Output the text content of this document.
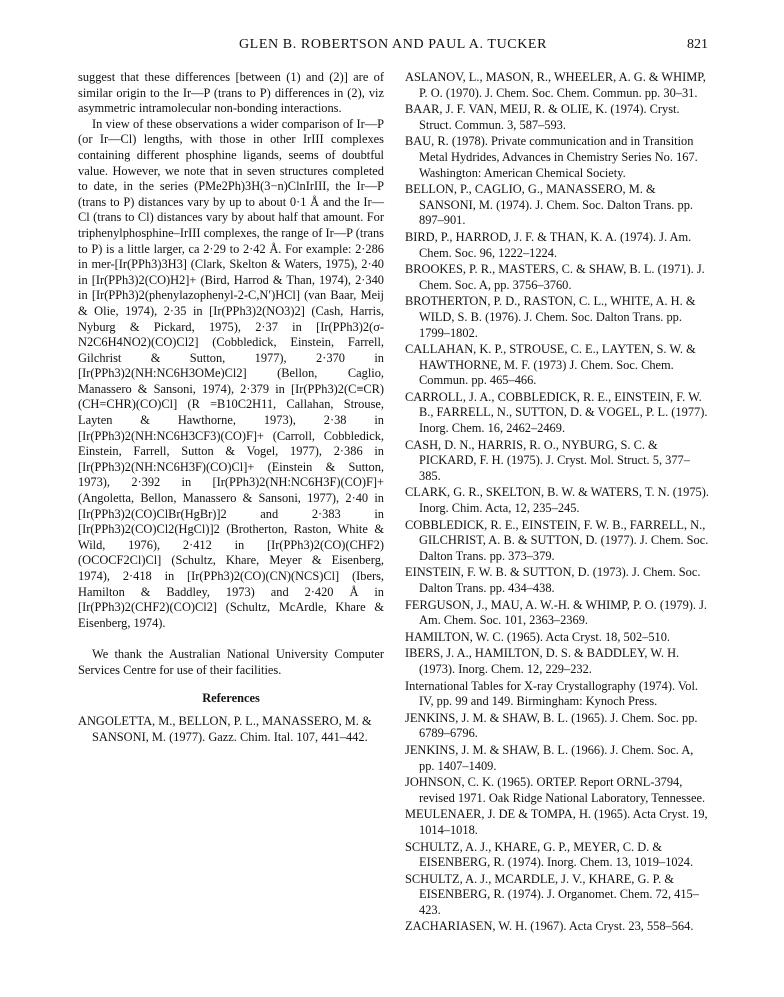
GLEN B. ROBERTSON AND PAUL A. TUCKER	821

suggest that these differences [between (1) and (2)] are of similar origin to the Ir—P (trans to P) differences in (2), viz asymmetric intramolecular non-bonding interactions.

In view of these observations a wider comparison of Ir—P (or Ir—Cl) lengths, with those in other IrIII complexes containing different phosphine ligands, seems of doubtful value. However, we note that in seven structures completed to date, in the series (PMe2Ph)3H(3−n)ClnIrIII, the Ir—P (trans to P) distances vary by up to about 0·1 Å and the Ir—Cl (trans to Cl) distances vary by about half that amount. For triphenylphosphine–IrIII complexes, the range of Ir—P (trans to P) is a little larger, ca 2·29 to 2·42 Å. For example: 2·286 in mer-[Ir(PPh3)3H3] (Clark, Skelton & Waters, 1975), 2·40 in [Ir(PPh3)2(CO)H2]+ (Bird, Harrod & Than, 1974), 2·340 in [Ir(PPh3)2(phenylazophenyl-2-C,N′)HCl] (van Baar, Meij & Olie, 1974), 2·35 in [Ir(PPh3)2(NO3)2] (Cash, Harris, Nyburg & Pickard, 1975), 2·37 in [Ir(PPh3)2(σ-N2C6H4NO2)(CO)Cl2] (Cobbledick, Einstein, Farrell, Gilchrist & Sutton, 1977), 2·370 in [Ir(PPh3)2(NH:NC6H3OMe)Cl2] (Bellon, Caglio, Manassero & Sansoni, 1974), 2·379 in [Ir(PPh3)2(C≡CR)(CH=CHR)(CO)Cl] (R =B10C2H11, Callahan, Strouse, Layten & Hawthorne, 1973), 2·38 in [Ir(PPh3)2(NH:NC6H3CF3)(CO)F]+ (Carroll, Cobbledick, Einstein, Farrell, Sutton & Vogel, 1977), 2·386 in [Ir(PPh3)2(NH:NC6H3F)(CO)Cl]+ (Einstein & Sutton, 1973), 2·392 in [Ir(PPh3)2(NH:NC6H3F)(CO)F]+ (Angoletta, Bellon, Manassero & Sansoni, 1977), 2·40 in [Ir(PPh3)2(CO)ClBr(HgBr)]2 and 2·383 in [Ir(PPh3)2(CO)Cl2(HgCl)]2 (Brotherton, Raston, White & Wild, 1976), 2·412 in [Ir(PPh3)2(CO)(CHF2)(OCOCF2Cl)Cl] (Schultz, Khare, Meyer & Eisenberg, 1974), 2·418 in [Ir(PPh3)2(CO)(CN)(NCS)Cl] (Ibers, Hamilton & Baddley, 1973) and 2·420 Å in [Ir(PPh3)2(CHF2)(CO)Cl2] (Schultz, McArdle, Khare & Eisenberg, 1974).

We thank the Australian National University Computer Services Centre for use of their facilities.

References

ANGOLETTA, M., BELLON, P. L., MANASSERO, M. & SANSONI, M. (1977). Gazz. Chim. Ital. 107, 441–442.

ASLANOV, L., MASON, R., WHEELER, A. G. & WHIMP, P. O. (1970). J. Chem. Soc. Chem. Commun. pp. 30–31.

BAAR, J. F. VAN, MEIJ, R. & OLIE, K. (1974). Cryst. Struct. Commun. 3, 587–593.

BAU, R. (1978). Private communication and in Transition Metal Hydrides, Advances in Chemistry Series No. 167. Washington: American Chemical Society.

BELLON, P., CAGLIO, G., MANASSERO, M. & SANSONI, M. (1974). J. Chem. Soc. Dalton Trans. pp. 897–901.

BIRD, P., HARROD, J. F. & THAN, K. A. (1974). J. Am. Chem. Soc. 96, 1222–1224.

BROOKES, P. R., MASTERS, C. & SHAW, B. L. (1971). J. Chem. Soc. A, pp. 3756–3760.

BROTHERTON, P. D., RASTON, C. L., WHITE, A. H. & WILD, S. B. (1976). J. Chem. Soc. Dalton Trans. pp. 1799–1802.

CALLAHAN, K. P., STROUSE, C. E., LAYTEN, S. W. & HAWTHORNE, M. F. (1973) J. Chem. Soc. Chem. Commun. pp. 465–466.

CARROLL, J. A., COBBLEDICK, R. E., EINSTEIN, F. W. B., FARRELL, N., SUTTON, D. & VOGEL, P. L. (1977). Inorg. Chem. 16, 2462–2469.

CASH, D. N., HARRIS, R. O., NYBURG, S. C. & PICKARD, F. H. (1975). J. Cryst. Mol. Struct. 5, 377–385.

CLARK, G. R., SKELTON, B. W. & WATERS, T. N. (1975). Inorg. Chim. Acta, 12, 235–245.

COBBLEDICK, R. E., EINSTEIN, F. W. B., FARRELL, N., GILCHRIST, A. B. & SUTTON, D. (1977). J. Chem. Soc. Dalton Trans. pp. 373–379.

EINSTEIN, F. W. B. & SUTTON, D. (1973). J. Chem. Soc. Dalton Trans. pp. 434–438.

FERGUSON, J., MAU, A. W.-H. & WHIMP, P. O. (1979). J. Am. Chem. Soc. 101, 2363–2369.

HAMILTON, W. C. (1965). Acta Cryst. 18, 502–510.

IBERS, J. A., HAMILTON, D. S. & BADDLEY, W. H. (1973). Inorg. Chem. 12, 229–232.

International Tables for X-ray Crystallography (1974). Vol. IV, pp. 99 and 149. Birmingham: Kynoch Press.

JENKINS, J. M. & SHAW, B. L. (1965). J. Chem. Soc. pp. 6789–6796.

JENKINS, J. M. & SHAW, B. L. (1966). J. Chem. Soc. A, pp. 1407–1409.

JOHNSON, C. K. (1965). ORTEP. Report ORNL-3794, revised 1971. Oak Ridge National Laboratory, Tennessee.

MEULENAER, J. DE & TOMPA, H. (1965). Acta Cryst. 19, 1014–1018.

SCHULTZ, A. J., KHARE, G. P., MEYER, C. D. & EISENBERG, R. (1974). Inorg. Chem. 13, 1019–1024.

SCHULTZ, A. J., MCARDLE, J. V., KHARE, G. P. & EISENBERG, R. (1974). J. Organomet. Chem. 72, 415–423.

ZACHARIASEN, W. H. (1967). Acta Cryst. 23, 558–564.
